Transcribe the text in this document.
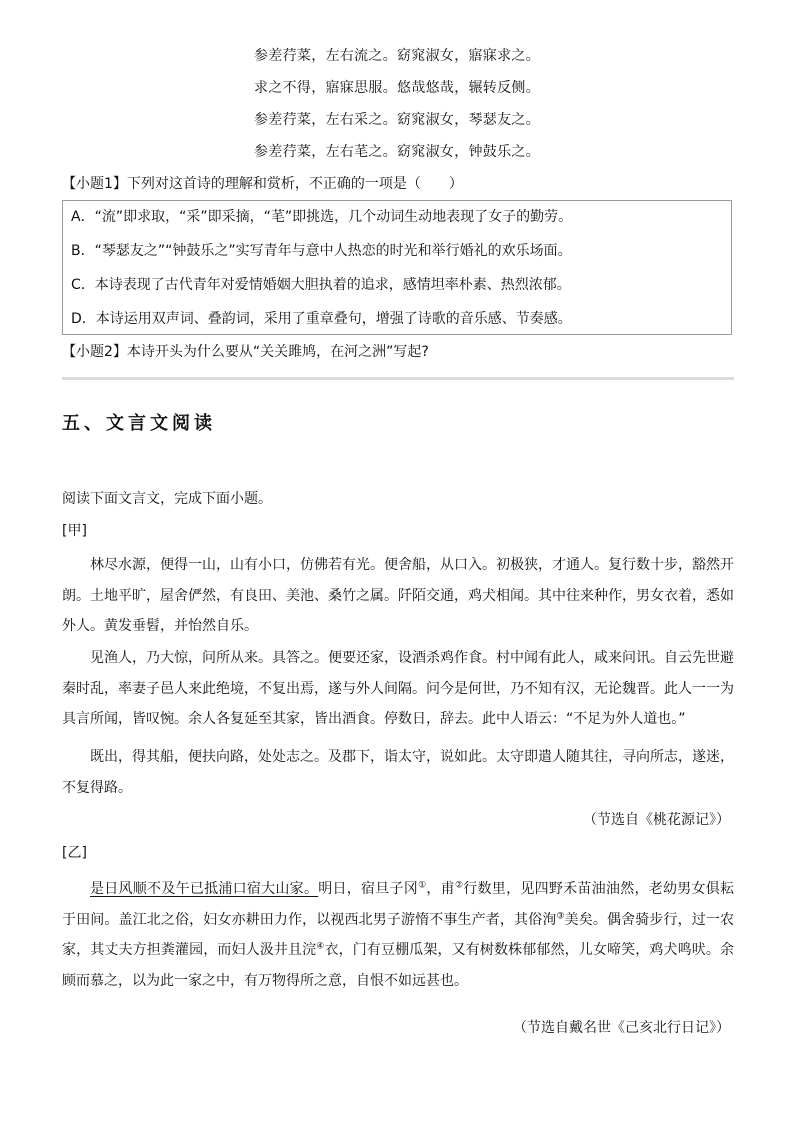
参差荇菜，左右流之。窈窕淑女，寤寐求之。
求之不得，寤寐思服。悠哉悠哉，辗转反侧。
参差荇菜，左右采之。窈窕淑女，琴瑟友之。
参差荇菜，左右芼之。窈窕淑女，钟鼓乐之。
【小题1】下列对这首诗的理解和赏析，不正确的一项是（　　）
A．“流”即求取，“采”即采摘，“芼”即挑选，几个动词生动地表现了女子的勤劳。
B．“琴瑟友之”“钟鼓乐之”实写青年与意中人热恋的时光和举行婚礼的欢乐场面。
C．本诗表现了古代青年对爱情婚姻大胆执着的追求，感情坦率朴素、热烈浓郁。
D．本诗运用双声词、叠韵词，采用了重章叠句，增强了诗歌的音乐感、节奏感。
【小题2】本诗开头为什么要从“关关雎鸠，在河之洲”写起?
五、文言文阅读
阅读下面文言文，完成下面小题。
[甲]
林尽水源，便得一山，山有小口，仿佛若有光。便舍船，从口入。初极狭，才通人。复行数十步，豁然开朗。土地平旷，屋舍俨然，有良田、美池、桑竹之属。阡陌交通，鸡犬相闻。其中往来种作，男女衣着，悉如外人。黄发垂髫，并怡然自乐。
见渔人，乃大惊，问所从来。具答之。便要还家，设酒杀鸡作食。村中闻有此人，咸来问讯。自云先世避秦时乱，率妻子邑人来此绝境，不复出焉，遂与外人间隔。问今是何世，乃不知有汉，无论魏晋。此人一一为具言所闻，皆叹惋。余人各复延至其家，皆出酒食。停数日，辞去。此中人语云：“不足为外人道也。”
既出，得其船，便扶向路，处处志之。及郡下，诣太守，说如此。太守即遣人随其往，寻向所志，遂迷，不复得路。
（节选自《桃花源记》）
[乙]
是日风顺不及午已抵浦口宿大山家。明日，宿旦子冈①，甫②行数里，见四野禾苗油油然，老幼男女俱耘于田间。盖江北之俗，妇女亦耕田力作，以视西北男子游惰不事生产者，其俗洵③美矣。偶舍骑步行，过一农家，其丈夫方担粪灌园，而妇人汲井且浣④衣，门有豆棚瓜架，又有树数株郁郁然，儿女啼笑，鸡犬鸣吠。余顾而慕之，以为此一家之中，有万物得所之意，自恨不如远甚也。
（节选自戴名世《己亥北行日记》）
